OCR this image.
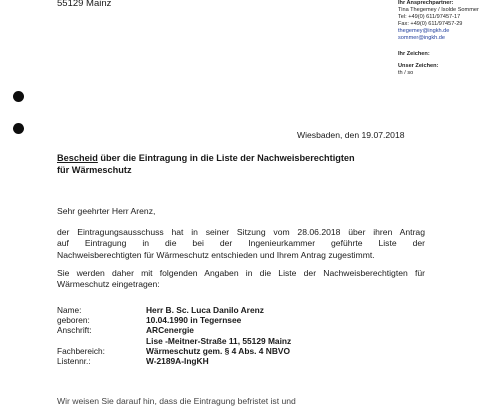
55129 Mainz	Ihr Ansprechpartner:
Tina Thegemey / Isolde Sommer
Tel: +49(0) 611/97457-17
Fax: +49(0) 611/97457-29
thegemey@ingkh.de
sommer@ingkh.de
Ihr Zeichen:
Unser Zeichen:
th / so
Wiesbaden, den 19.07.2018
Bescheid über die Eintragung in die Liste der Nachweisberechtigten
für Wärmeschutz
Sehr geehrter Herr Arenz,
der Eintragungsausschuss hat in seiner Sitzung vom 28.06.2018 über ihren Antrag
auf Eintragung in die bei der Ingenieurkammer geführte Liste der
Nachweisberechtigten für Wärmeschutz entschieden und Ihrem Antrag zugestimmt.
Sie werden daher mit folgenden Angaben in die Liste der Nachweisberechtigten für
Wärmeschutz eingetragen:
Name:	Herr B. Sc. Luca Danilo Arenz
geboren:	10.04.1990 in Tegernsee
Anschrift:	ARCenergie
Lise -Meitner-Straße 11, 55129 Mainz
Fachbereich:	Wärmeschutz gem. § 4 Abs. 4 NBVO
Listennr.:	W-2189A-IngKH
Wir weisen Sie darauf hin, dass die Eintragung befristet ist und
